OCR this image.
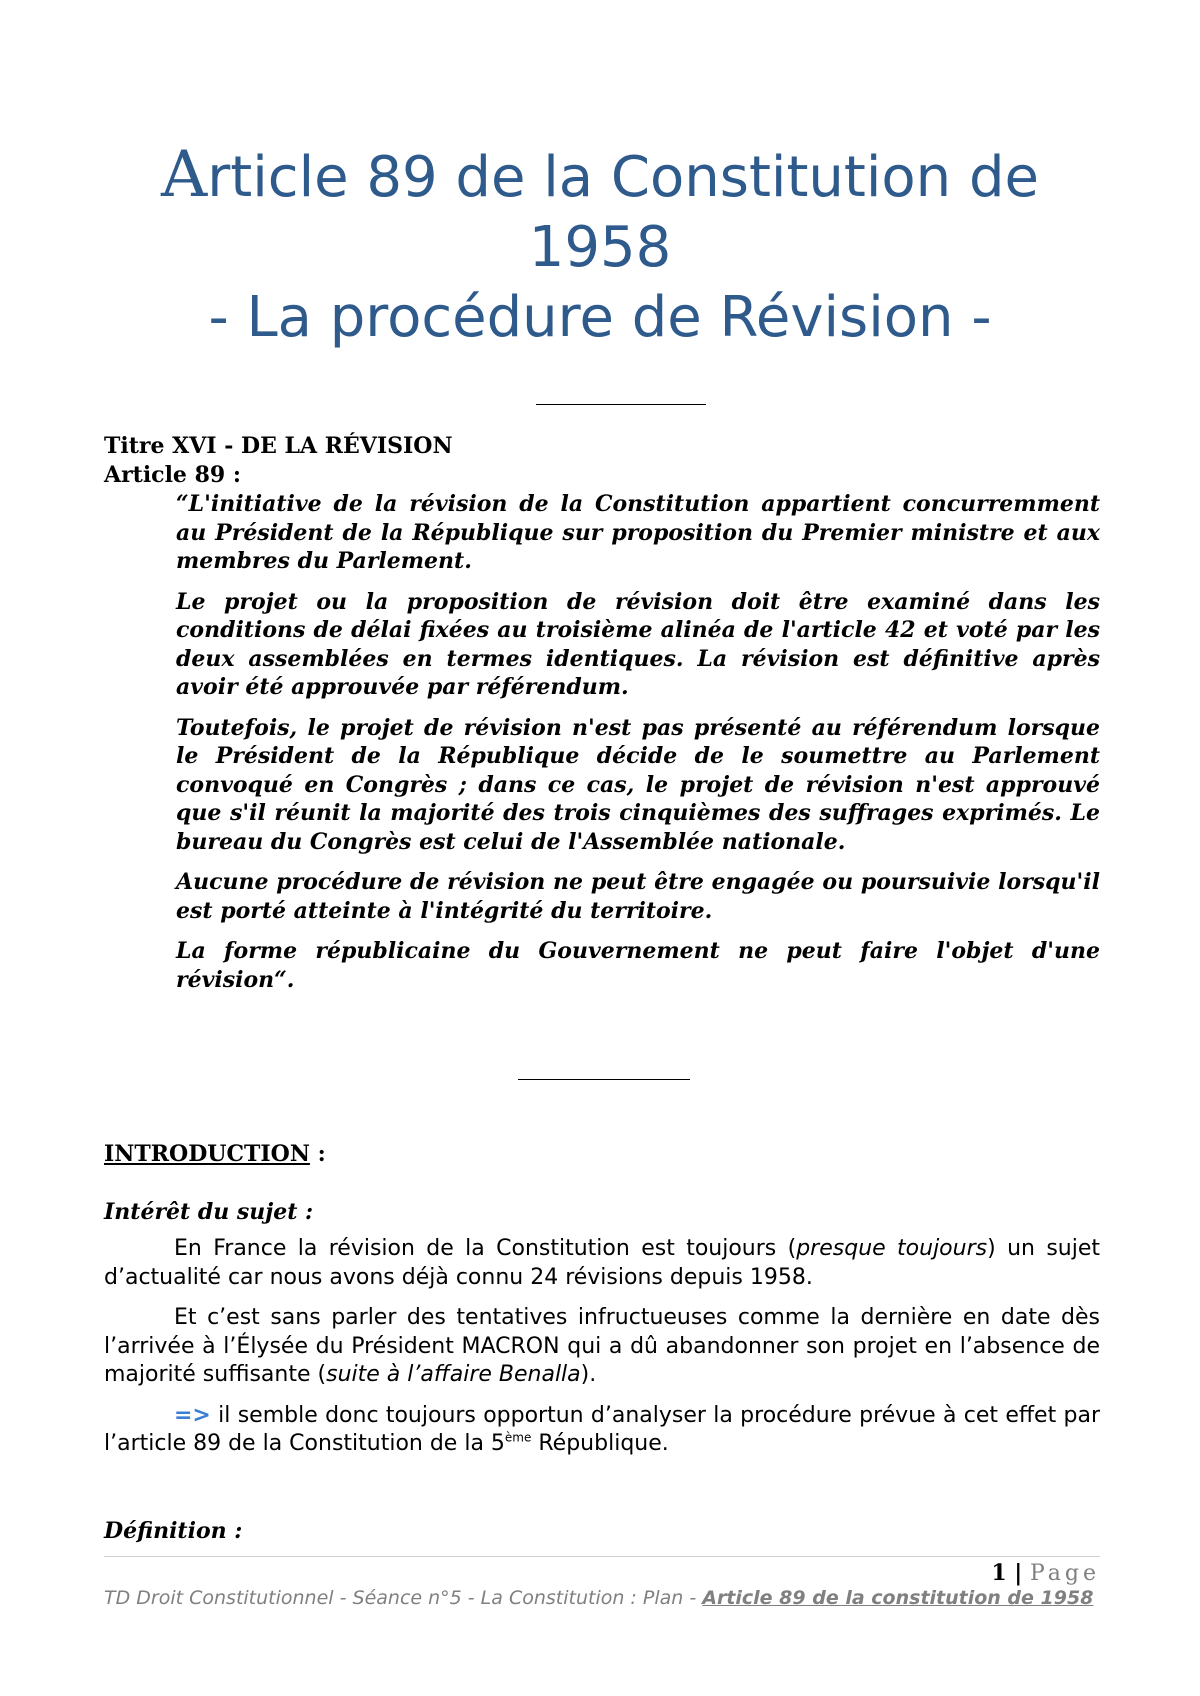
Article 89 de la Constitution de
1958
- La procédure de Révision -
Titre XVI - DE LA RÉVISION
Article 89 :

“L'initiative de la révision de la Constitution appartient concurremment au Président de la République sur proposition du Premier ministre et aux membres du Parlement.

Le projet ou la proposition de révision doit être examiné dans les conditions de délai fixées au troisième alinéa de l'article 42 et voté par les deux assemblées en termes identiques. La révision est définitive après avoir été approuvée par référendum.

Toutefois, le projet de révision n'est pas présenté au référendum lorsque le Président de la République décide de le soumettre au Parlement convoqué en Congrès ; dans ce cas, le projet de révision n'est approuvé que s'il réunit la majorité des trois cinquièmes des suffrages exprimés. Le bureau du Congrès est celui de l'Assemblée nationale.

Aucune procédure de révision ne peut être engagée ou poursuivie lorsqu'il est porté atteinte à l'intégrité du territoire.

La forme républicaine du Gouvernement ne peut faire l'objet d'une révision“.

INTRODUCTION :
Intérêt du sujet :

En France la révision de la Constitution est toujours (presque toujours) un sujet d’actualité car nous avons déjà connu 24 révisions depuis 1958.

Et c’est sans parler des tentatives infructueuses comme la dernière en date dès l’arrivée à l’Élysée du Président MACRON qui a dû abandonner son projet en l’absence de majorité suffisante (suite à l’affaire Benalla).

=> il semble donc toujours opportun d’analyser la procédure prévue à cet effet par l’article 89 de la Constitution de la 5ème République.

Définition :
1 | Page
TD Droit Constitutionnel - Séance n°5 - La Constitution : Plan - Article 89 de la constitution de 1958
